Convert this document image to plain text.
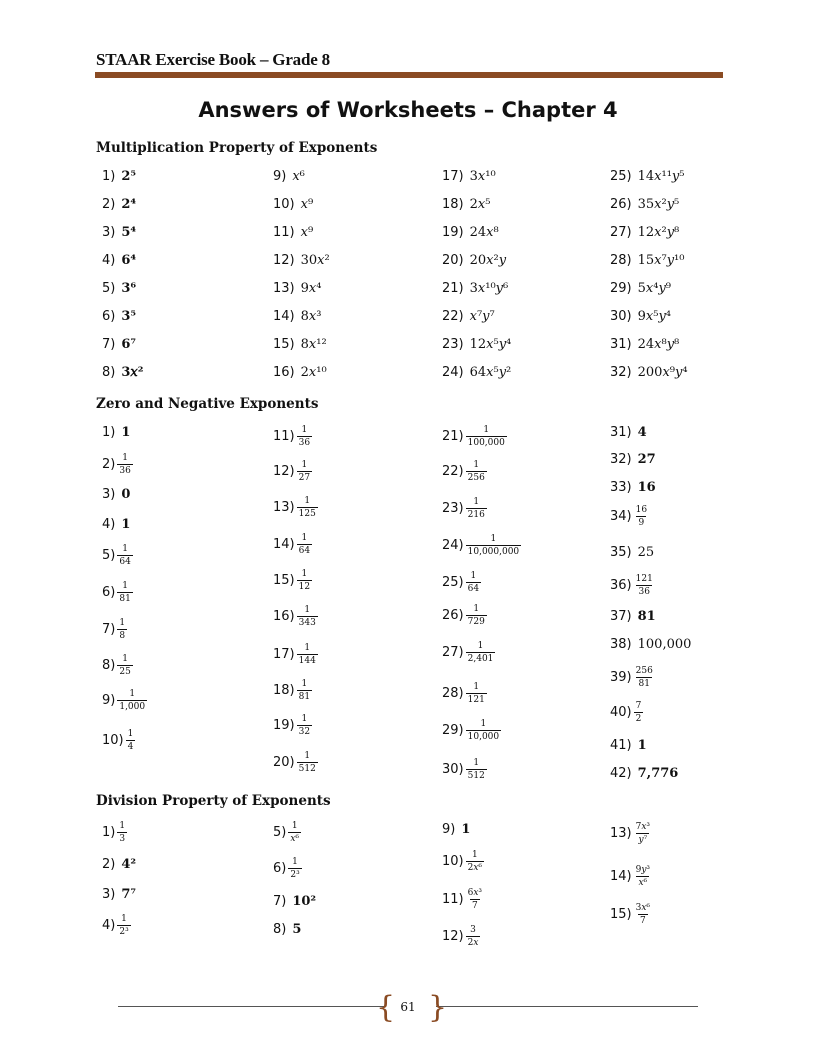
STAAR Exercise Book – Grade 8
Answers of Worksheets – Chapter 4
Multiplication Property of Exponents
1) 2⁵
2) 2⁴
3) 5⁴
4) 6⁴
5) 3⁶
6) 3⁵
7) 6⁷
8) 3𝑥²
9) 𝑥⁶
10) 𝑥⁹
11) 𝑥⁹
12) 30𝑥²
13) 9𝑥⁴
14) 8𝑥³
15) 8𝑥¹²
16) 2𝑥¹⁰
17) 3𝑥¹⁰
18) 2𝑥⁵
19) 24𝑥⁸
20) 20𝑥²𝑦
21) 3𝑥¹⁰𝑦⁶
22) 𝑥⁷𝑦⁷
23) 12𝑥⁵𝑦⁴
24) 64𝑥⁵𝑦²
25) 14𝑥¹¹𝑦⁵
26) 35𝑥²𝑦⁵
27) 12𝑥²𝑦⁸
28) 15𝑥⁷𝑦¹⁰
29) 5𝑥⁴𝑦⁹
30) 9𝑥⁵𝑦⁴
31) 24𝑥⁸𝑦⁸
32) 200𝑥⁹𝑦⁴
Zero and Negative Exponents
1) 1
$2) \frac{1}{36}$
3) 0
4) 1
$5) \frac{1}{64}$
$6) \frac{1}{81}$
$7) \frac{1}{8}$
$8) \frac{1}{25}$
$9) \frac{1}{1,000}$
$10) \frac{1}{4}$
$11) \frac{1}{36}$
$12) \frac{1}{27}$
$13) \frac{1}{125}$
$14) \frac{1}{64}$
$15) \frac{1}{12}$
$16) \frac{1}{343}$
$17) \frac{1}{144}$
$18) \frac{1}{81}$
$19) \frac{1}{32}$
$20) \frac{1}{512}$
$21) \frac{1}{100,000}$
$22) \frac{1}{256}$
$23) \frac{1}{216}$
$24) \frac{1}{10,000,000}$
$25) \frac{1}{64}$
$26) \frac{1}{729}$
$27) \frac{1}{2,401}$
$28) \frac{1}{121}$
$29) \frac{1}{10,000}$
$30) \frac{1}{512}$
31) 4
32) 27
33) 16
$34) \frac{16}{9}$
35) 25
$36) \frac{121}{36}$
37) 81
38) 100,000
$39) \frac{256}{81}$
$40) \frac{7}{2}$
41) 1
42) 7,776
Division Property of Exponents
$1) \frac{1}{3}$
2) 4²
3) 7⁷
$4) \frac{1}{\text{2³}}$
$5) \frac{1}{\text{𝑥⁶}}$
$6) \frac{1}{\text{2³}}$
7) 10²
8) 5
9) 1
$10) \frac{1}{\text{2𝑥⁶}}$
$11) \frac{\text{6𝑥³}}{7}$
$12) \frac{3}{\text{2𝑥}}$
$13) \frac{\text{7𝑥³}}{\text{𝑦⁷}}$
$14) \frac{\text{9𝑦³}}{\text{𝑥⁶}}$
$15) \frac{\text{3𝑥⁶}}{7}$
{ }
61
